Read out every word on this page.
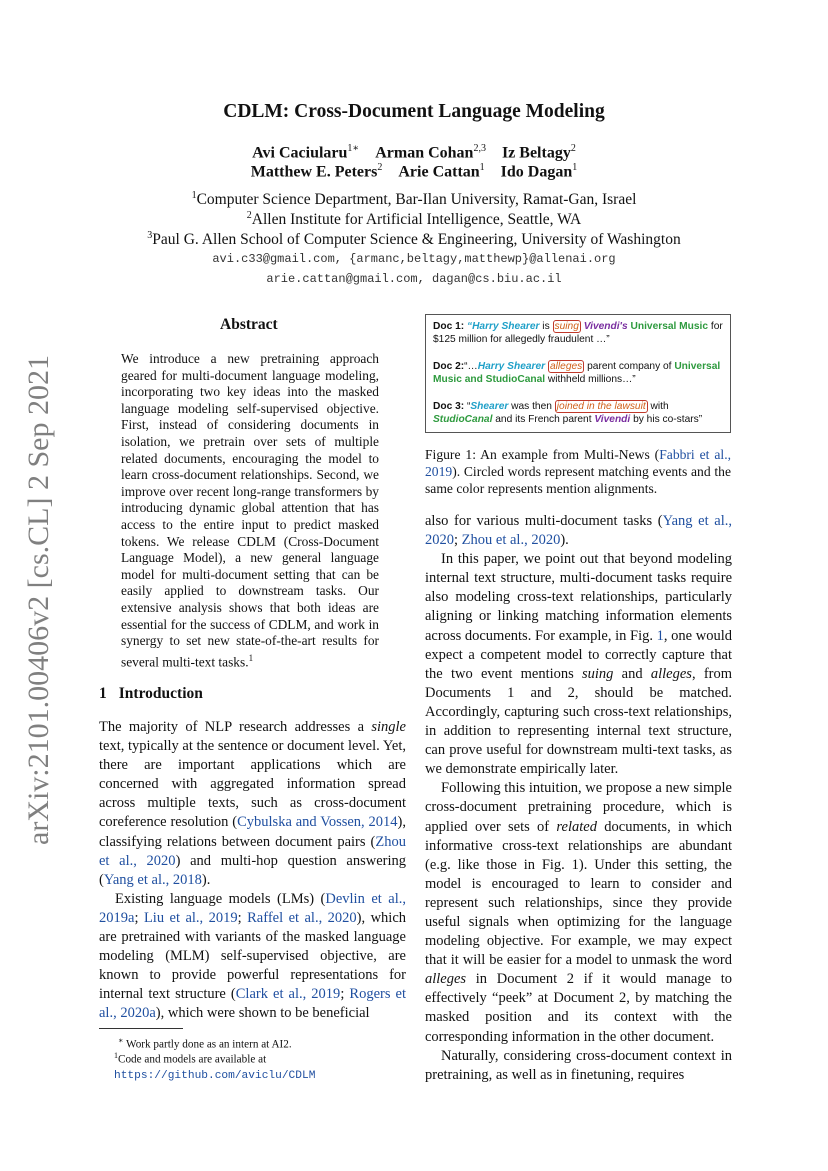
arXiv:2101.00406v2 [cs.CL] 2 Sep 2021
CDLM: Cross-Document Language Modeling
Avi Caciularu$^{1∗}$ Arman Cohan$^{2,3}$ Iz Beltagy$^2$
Matthew E. Peters$^2$ Arie Cattan$^1$ Ido Dagan$^1$
$^1$Computer Science Department, Bar-Ilan University, Ramat-Gan, Israel
$^2$Allen Institute for Artificial Intelligence, Seattle, WA
$^3$Paul G. Allen School of Computer Science & Engineering, University of Washington
avi.c33@gmail.com, {armanc,beltagy,matthewp}@allenai.org
arie.cattan@gmail.com, dagan@cs.biu.ac.il
Abstract
We introduce a new pretraining approach geared for multi-document language modeling, incorporating two key ideas into the masked language modeling self-supervised objective. First, instead of considering documents in isolation, we pretrain over sets of multiple related documents, encouraging the model to learn cross-document relationships. Second, we improve over recent long-range transformers by introducing dynamic global attention that has access to the entire input to predict masked tokens. We release CDLM (Cross-Document Language Model), a new general language model for multi-document setting that can be easily applied to downstream tasks. Our extensive analysis shows that both ideas are essential for the success of CDLM, and work in synergy to set new state-of-the-art results for several multi-text tasks.$^1$
1 Introduction

The majority of NLP research addresses a single text, typically at the sentence or document level. Yet, there are important applications which are concerned with aggregated information spread across multiple texts, such as cross-document coreference resolution (Cybulska and Vossen, 2014), classifying relations between document pairs (Zhou et al., 2020) and multi-hop question answering (Yang et al., 2018).

Existing language models (LMs) (Devlin et al., 2019a; Liu et al., 2019; Raffel et al., 2020), which are pretrained with variants of the masked language modeling (MLM) self-supervised objective, are known to provide powerful representations for internal text structure (Clark et al., 2019; Rogers et al., 2020a), which were shown to be beneficial

∗ Work partly done as an intern at AI2.
$^1$Code and models are available at https://github.com/aviclu/CDLM
Doc 1: “Harry Shearer is suing Vivendi's Universal Music for $125 million for allegedly fraudulent …”
Doc 2:“…Harry Shearer alleges parent company of Universal Music and StudioCanal withheld millions…”
Doc 3: “Shearer was then joined in the lawsuit with StudioCanal and its French parent Vivendi by his co-stars”
Figure 1: An example from Multi-News (Fabbri et al., 2019). Circled words represent matching events and the same color represents mention alignments.

also for various multi-document tasks (Yang et al., 2020; Zhou et al., 2020).

In this paper, we point out that beyond modeling internal text structure, multi-document tasks require also modeling cross-text relationships, particularly aligning or linking matching information elements across documents. For example, in Fig. 1, one would expect a competent model to correctly capture that the two event mentions suing and alleges, from Documents 1 and 2, should be matched. Accordingly, capturing such cross-text relationships, in addition to representing internal text structure, can prove useful for downstream multi-text tasks, as we demonstrate empirically later.

Following this intuition, we propose a new simple cross-document pretraining procedure, which is applied over sets of related documents, in which informative cross-text relationships are abundant (e.g. like those in Fig. 1). Under this setting, the model is encouraged to learn to consider and represent such relationships, since they provide useful signals when optimizing for the language modeling objective. For example, we may expect that it will be easier for a model to unmask the word alleges in Document 2 if it would manage to effectively “peek” at Document 2, by matching the masked position and its context with the corresponding information in the other document.

Naturally, considering cross-document context in pretraining, as well as in finetuning, requires
